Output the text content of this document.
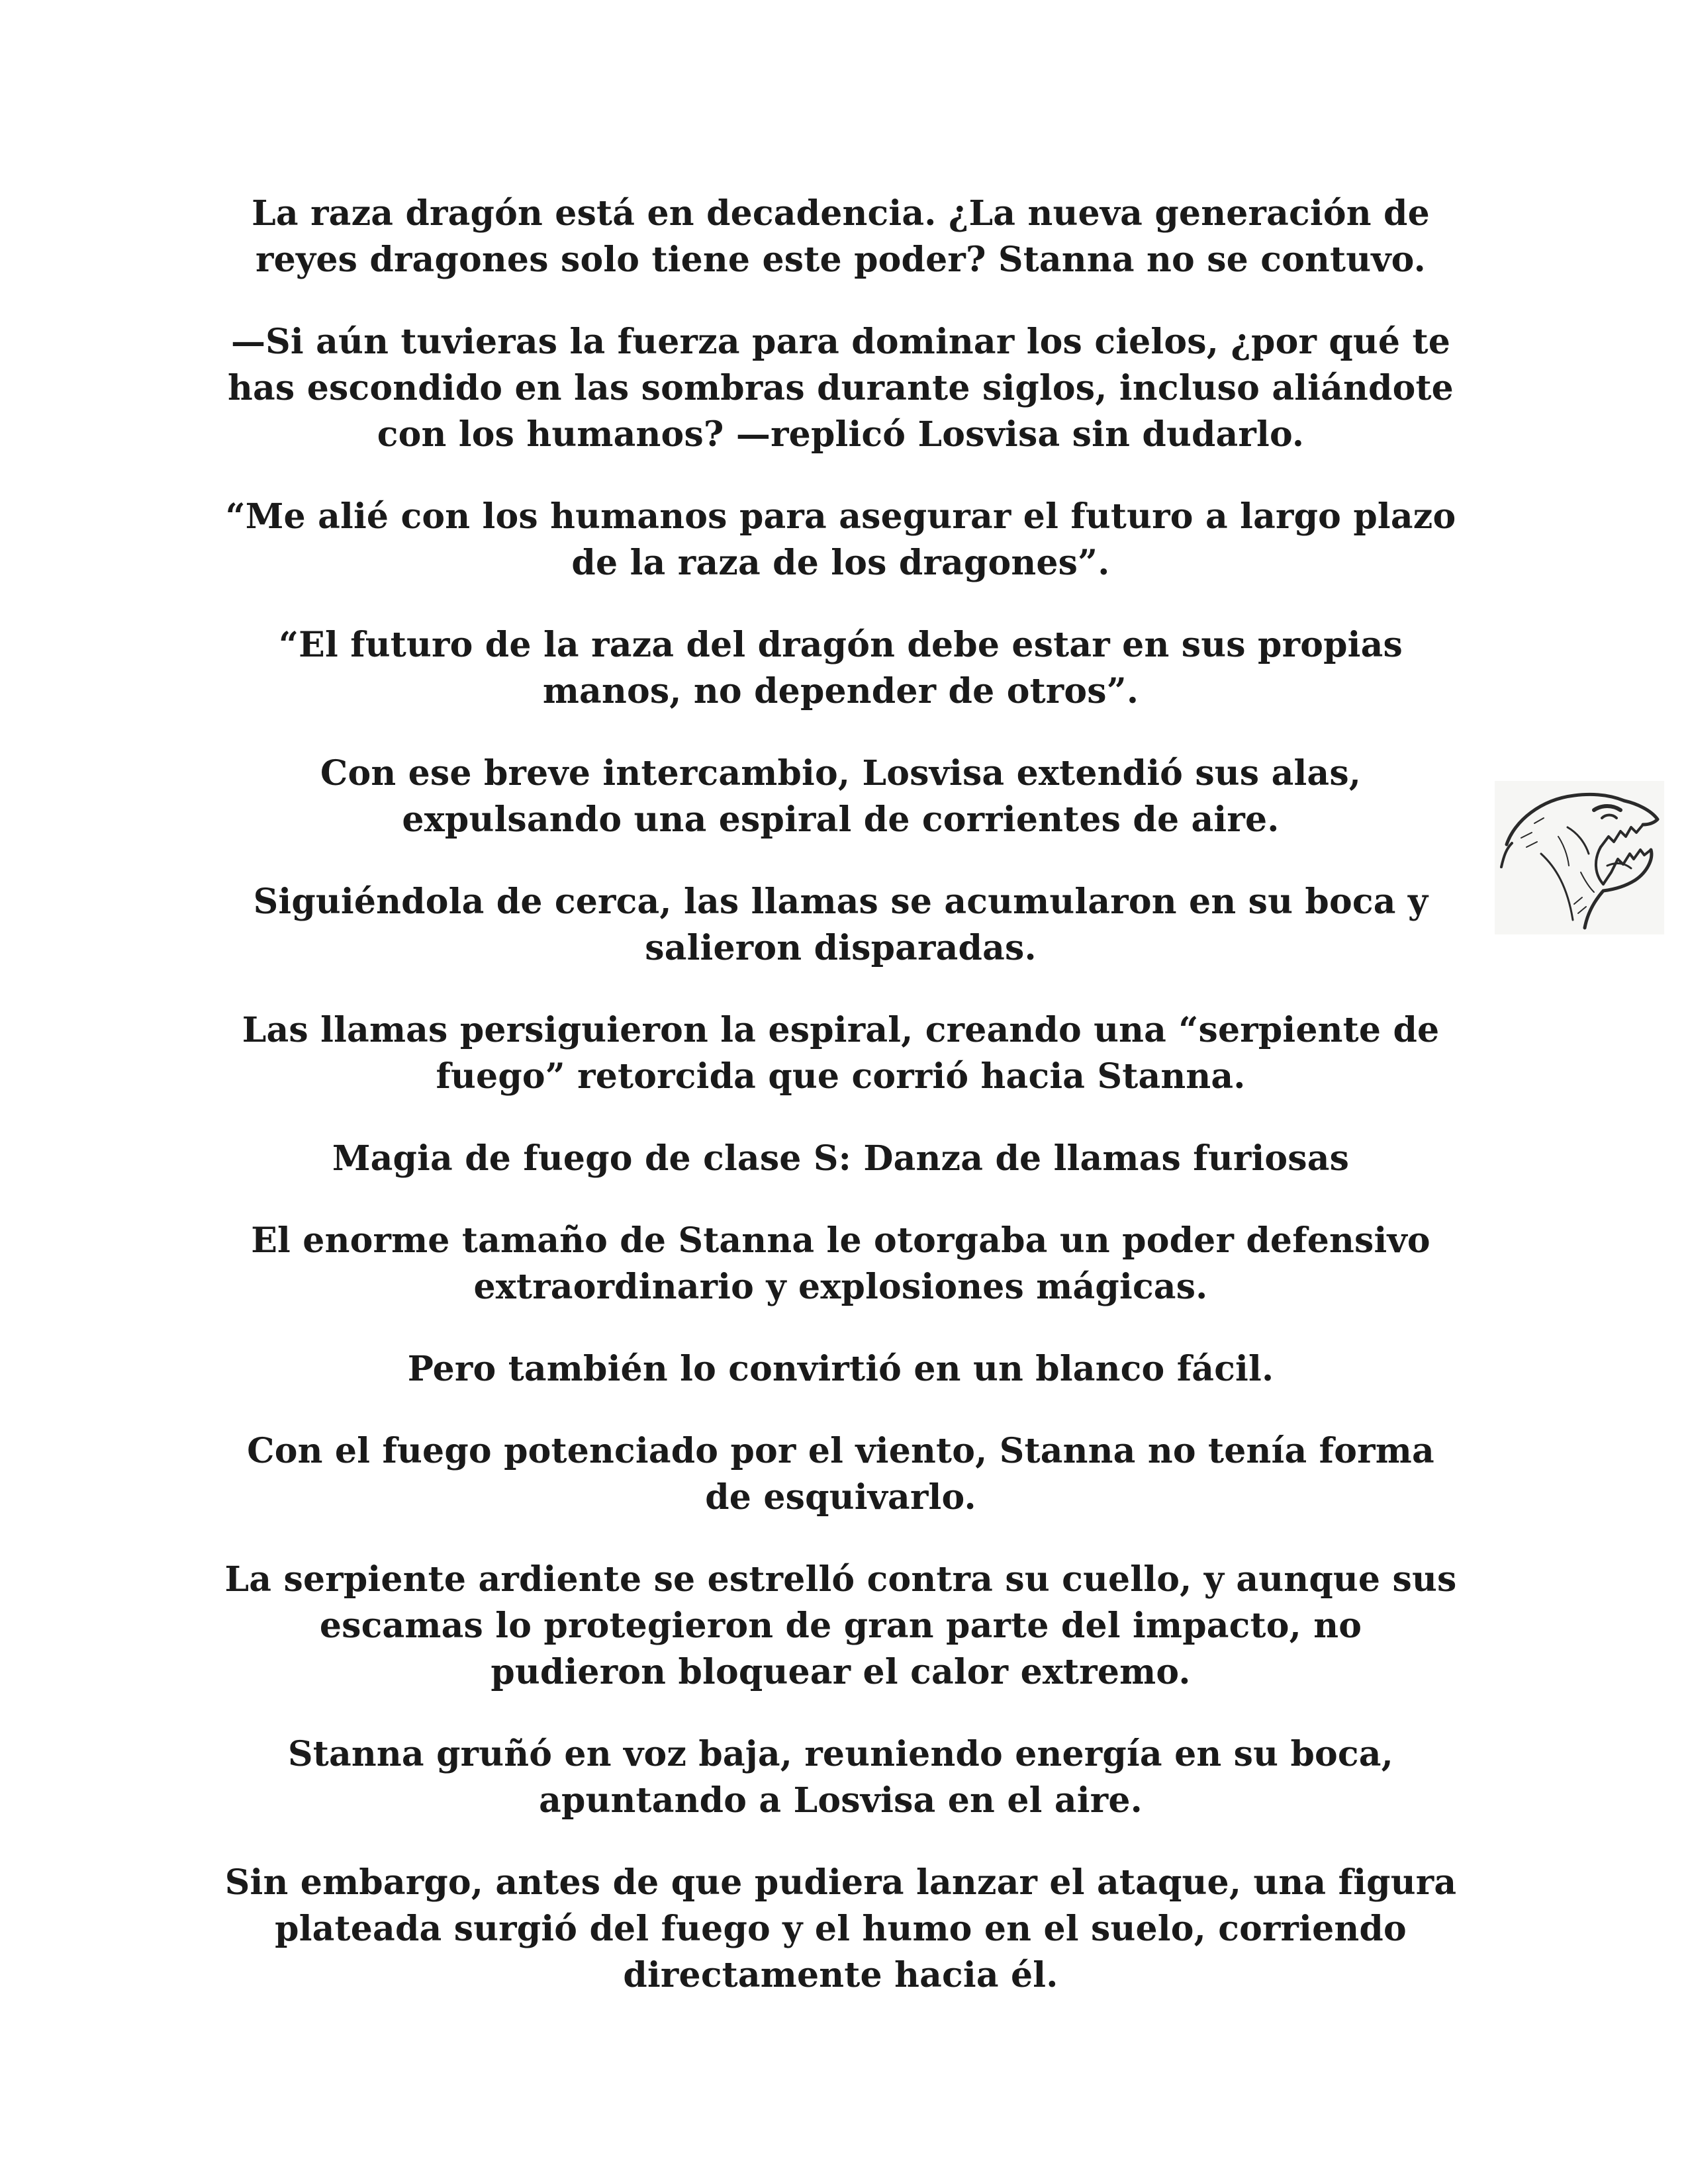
La raza dragón está en decadencia. ¿La nueva generación de
reyes dragones solo tiene este poder? Stanna no se contuvo.

—Si aún tuvieras la fuerza para dominar los cielos, ¿por qué te
has escondido en las sombras durante siglos, incluso aliándote
con los humanos? —replicó Losvisa sin dudarlo.

“Me alié con los humanos para asegurar el futuro a largo plazo
de la raza de los dragones”.

“El futuro de la raza del dragón debe estar en sus propias
manos, no depender de otros”.

Con ese breve intercambio, Losvisa extendió sus alas,
expulsando una espiral de corrientes de aire.

Siguiéndola de cerca, las llamas se acumularon en su boca y
salieron disparadas.

Las llamas persiguieron la espiral, creando una “serpiente de
fuego” retorcida que corrió hacia Stanna.

Magia de fuego de clase S: Danza de llamas furiosas

El enorme tamaño de Stanna le otorgaba un poder defensivo
extraordinario y explosiones mágicas.

Pero también lo convirtió en un blanco fácil.

Con el fuego potenciado por el viento, Stanna no tenía forma
de esquivarlo.

La serpiente ardiente se estrelló contra su cuello, y aunque sus
escamas lo protegieron de gran parte del impacto, no
pudieron bloquear el calor extremo.

Stanna gruñó en voz baja, reuniendo energía en su boca,
apuntando a Losvisa en el aire.

Sin embargo, antes de que pudiera lanzar el ataque, una figura
plateada surgió del fuego y el humo en el suelo, corriendo
directamente hacia él.
